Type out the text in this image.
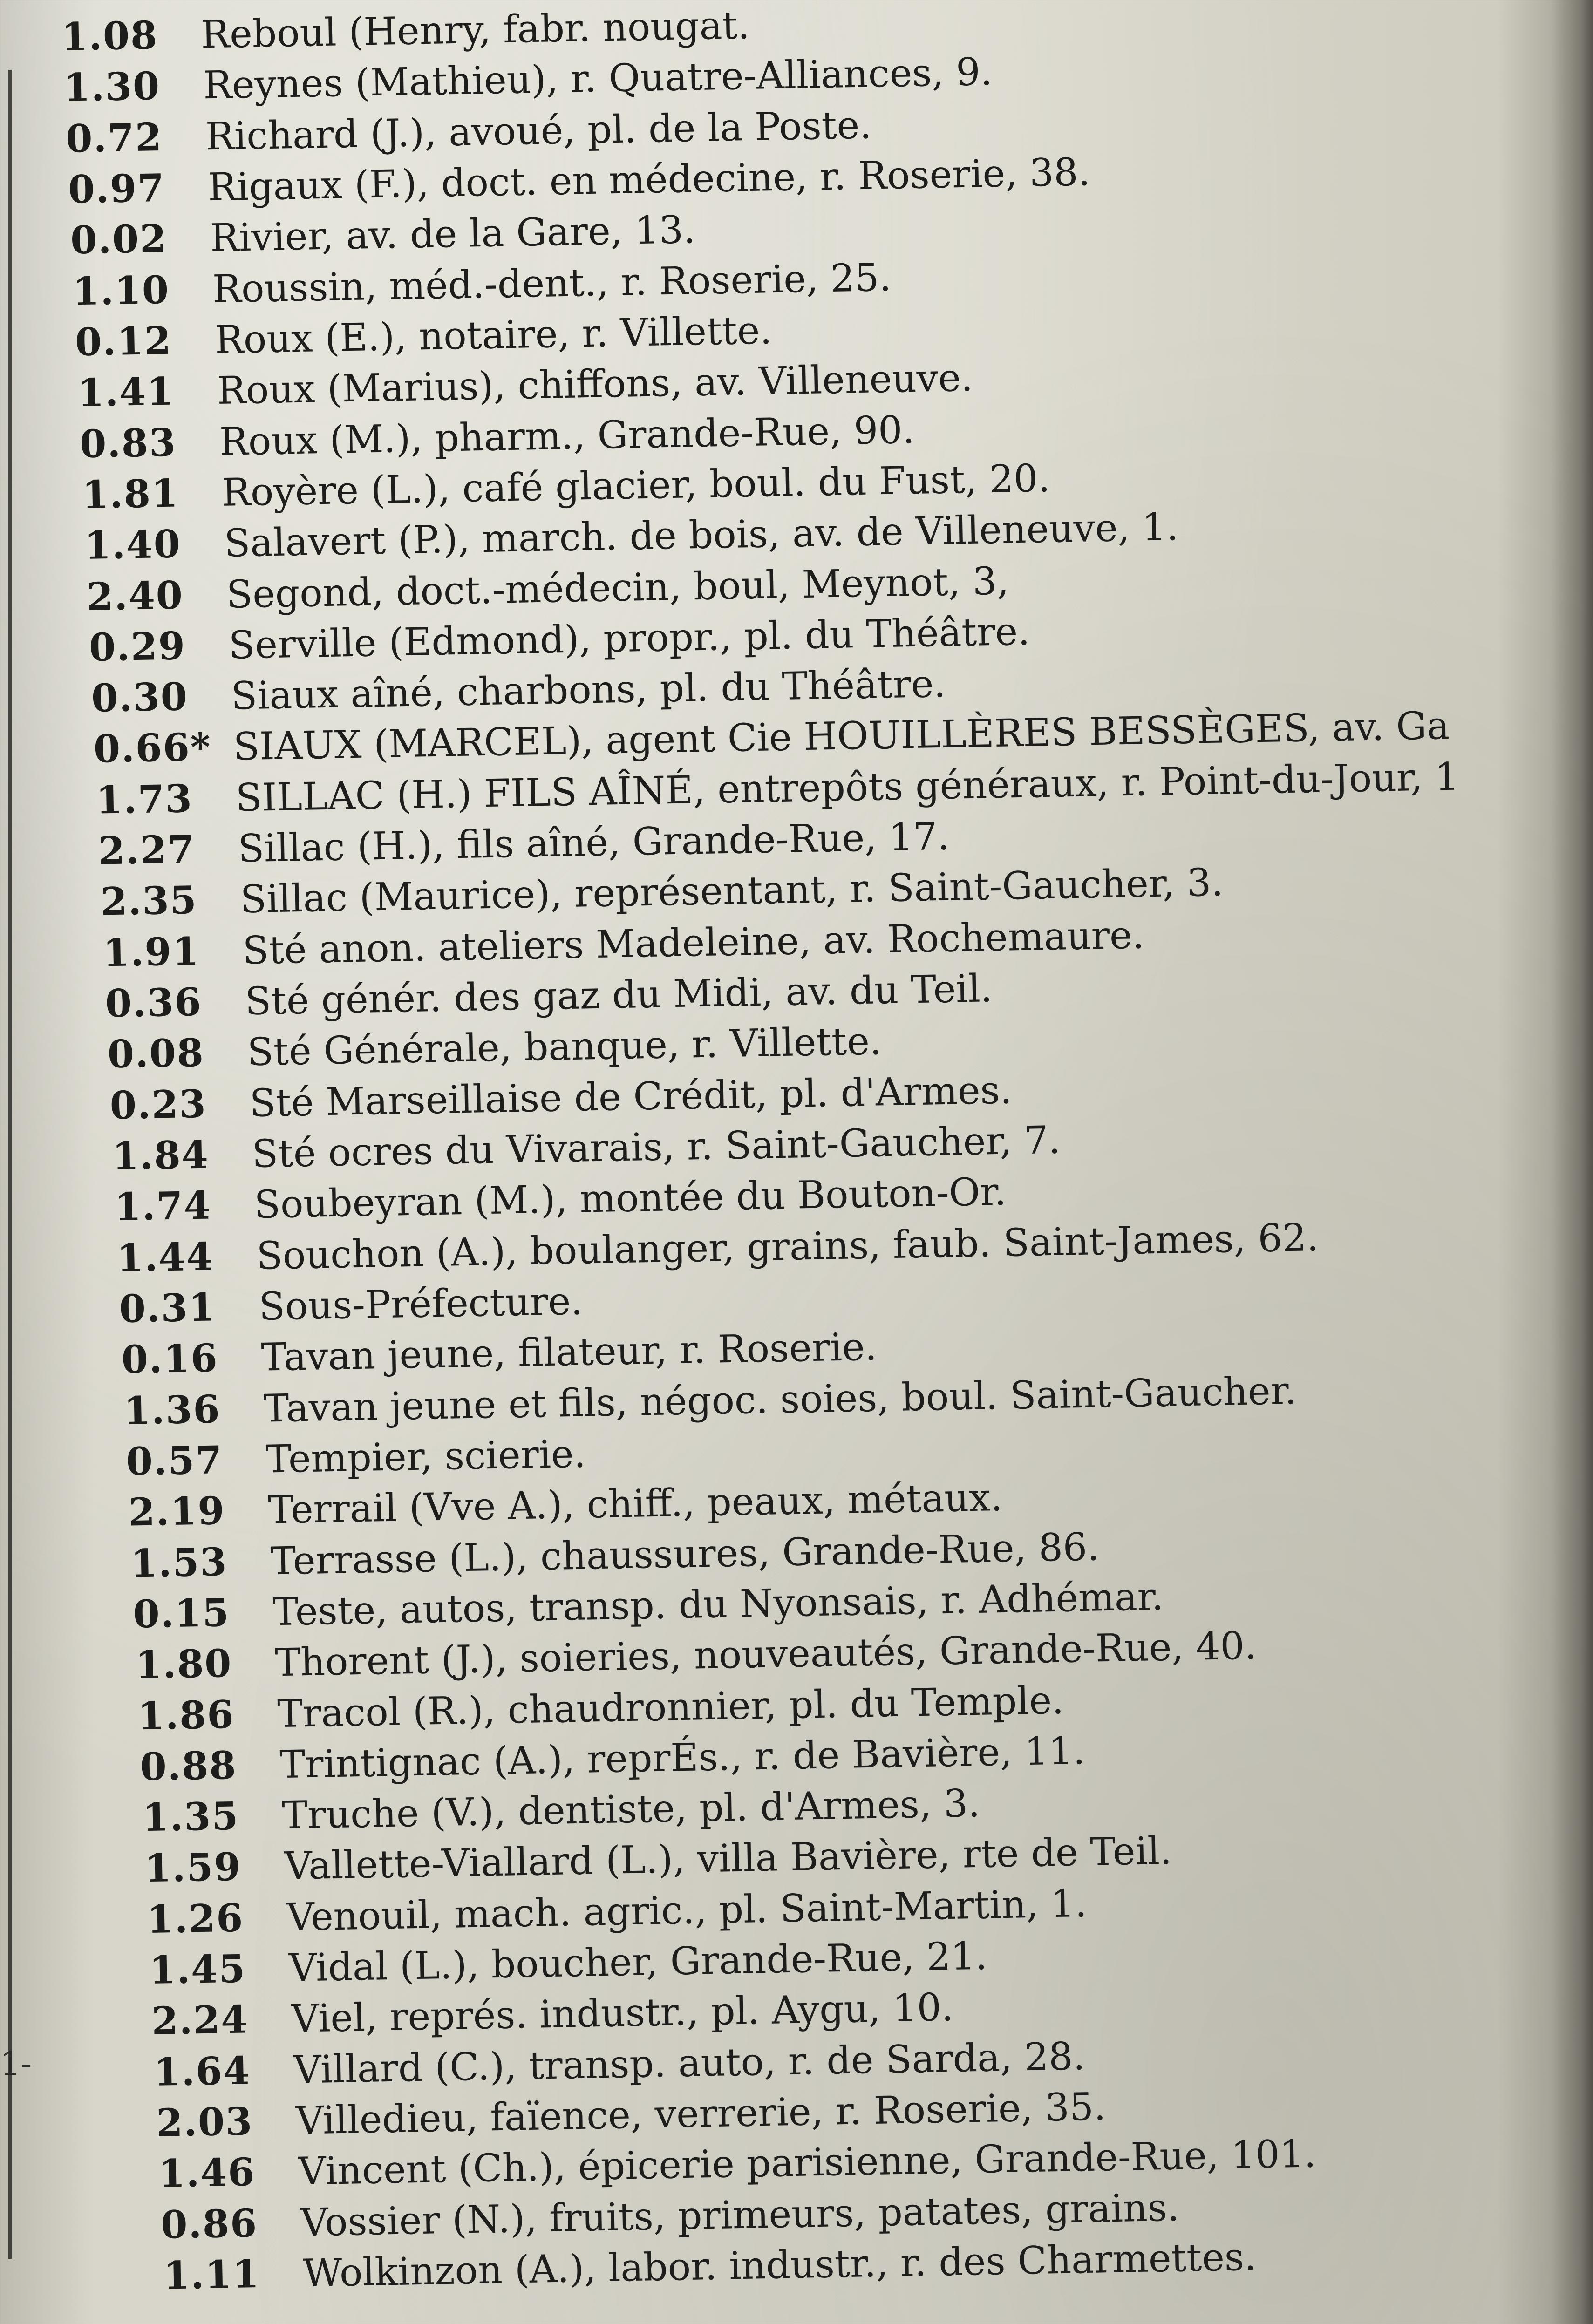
1-
1.08 Reboul (Henry, fabr. nougat.
1.30 Reynes (Mathieu), r. Quatre-Alliances, 9.
0.72 Richard (J.), avoué, pl. de la Poste.
0.97 Rigaux (F.), doct. en médecine, r. Roserie, 38.
0.02 Rivier, av. de la Gare, 13.
1.10 Roussin, méd.-dent., r. Roserie, 25.
0.12 Roux (E.), notaire, r. Villette.
1.41 Roux (Marius), chiffons, av. Villeneuve.
0.83 Roux (M.), pharm., Grande-Rue, 90.
1.81 Royère (L.), café glacier, boul. du Fust, 20.
1.40 Salavert (P.), march. de bois, av. de Villeneuve, 1.
2.40 Segond, doct.-médecin, boul, Meynot, 3,
0.29 Serville (Edmond), propr., pl. du Théâtre.
0.30 Siaux aîné, charbons, pl. du Théâtre.
0.66* SIAUX (MARCEL), agent Cie HOUILLÈRES BESSÈGES, av. Ga
1.73 SILLAC (H.) FILS AÎNÉ, entrepôts généraux, r. Point-du-Jour, 1
2.27 Sillac (H.), fils aîné, Grande-Rue, 17.
2.35 Sillac (Maurice), représentant, r. Saint-Gaucher, 3.
1.91 Sté anon. ateliers Madeleine, av. Rochemaure.
0.36 Sté génér. des gaz du Midi, av. du Teil.
0.08 Sté Générale, banque, r. Villette.
0.23 Sté Marseillaise de Crédit, pl. d'Armes.
1.84 Sté ocres du Vivarais, r. Saint-Gaucher, 7.
1.74 Soubeyran (M.), montée du Bouton-Or.
1.44 Souchon (A.), boulanger, grains, faub. Saint-James, 62.
0.31 Sous-Préfecture.
0.16 Tavan jeune, filateur, r. Roserie.
1.36 Tavan jeune et fils, négoc. soies, boul. Saint-Gaucher.
0.57 Tempier, scierie.
2.19 Terrail (Vve A.), chiff., peaux, métaux.
1.53 Terrasse (L.), chaussures, Grande-Rue, 86.
0.15 Teste, autos, transp. du Nyonsais, r. Adhémar.
1.80 Thorent (J.), soieries, nouveautés, Grande-Rue, 40.
1.86 Tracol (R.), chaudronnier, pl. du Temple.
0.88 Trintignac (A.), reprÉs., r. de Bavière, 11.
1.35 Truche (V.), dentiste, pl. d'Armes, 3.
1.59 Vallette-Viallard (L.), villa Bavière, rte de Teil.
1.26 Venouil, mach. agric., pl. Saint-Martin, 1.
1.45 Vidal (L.), boucher, Grande-Rue, 21.
2.24 Viel, représ. industr., pl. Aygu, 10.
1.64 Villard (C.), transp. auto, r. de Sarda, 28.
2.03 Villedieu, faïence, verrerie, r. Roserie, 35.
1.46 Vincent (Ch.), épicerie parisienne, Grande-Rue, 101.
0.86 Vossier (N.), fruits, primeurs, patates, grains.
1.11 Wolkinzon (A.), labor. industr., r. des Charmettes.
